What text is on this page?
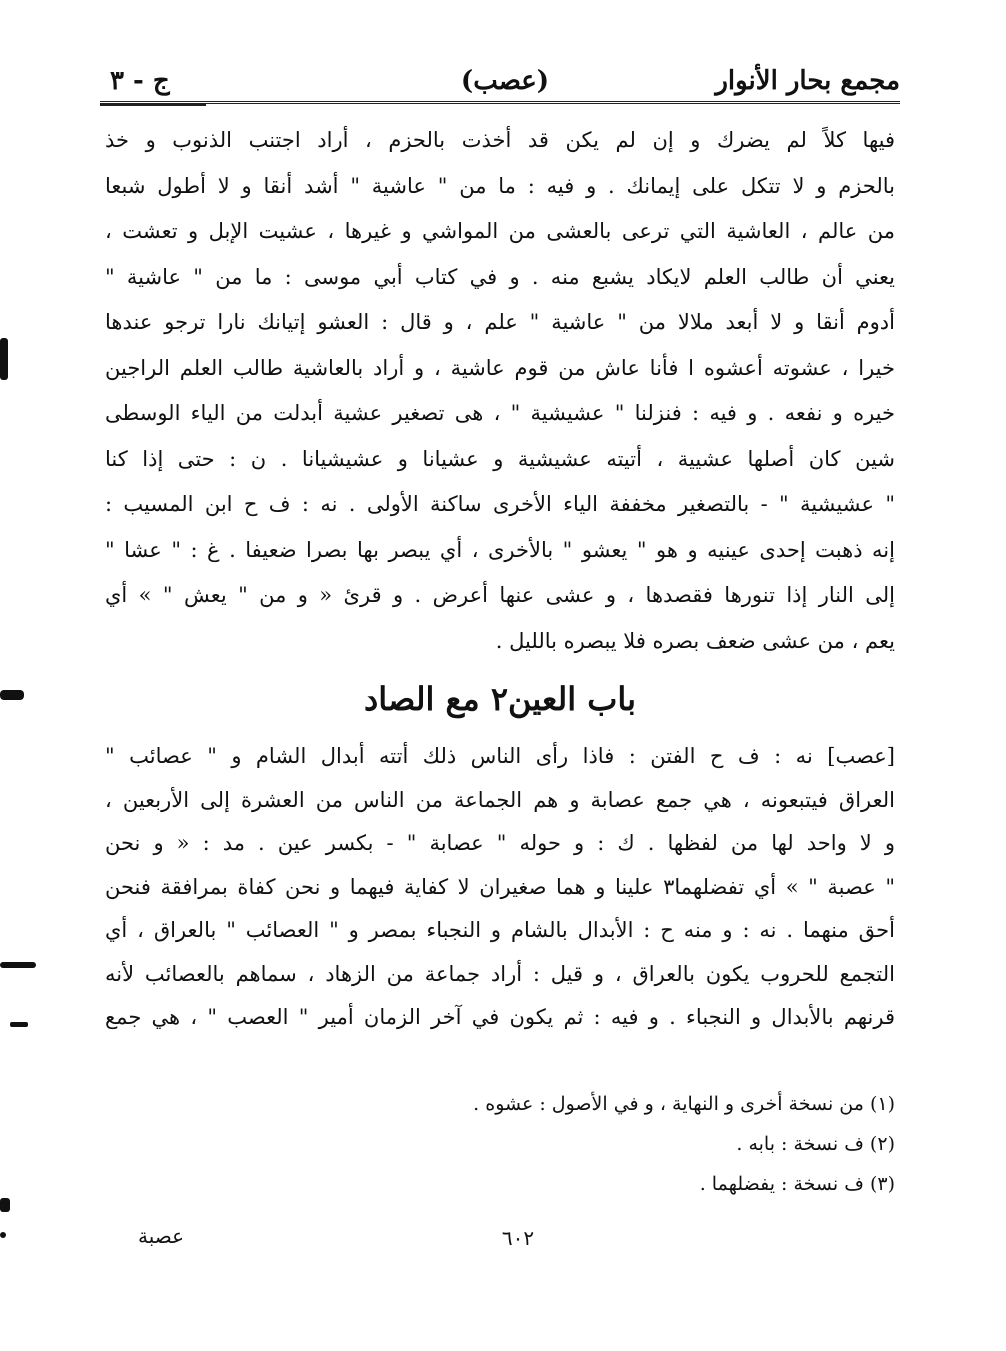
مجمع بحار الأنوار
(عصب)
ج - ٣
فيها كلاً لم يضرك و إن لم يكن قد أخذت بالحزم ، أراد اجتنب الذنوب و خذ
بالحزم و لا تتكل على إيمانك . و فيه : ما من " عاشية " أشد أنقا و لا أطول شبعا
من عالم ، العاشية التي ترعى بالعشى من المواشي و غيرها ، عشيت الإبل و تعشت ،
يعني أن طالب العلم لايكاد يشبع منه . و في كتاب أبي موسى : ما من " عاشية "
أدوم أنقا و لا أبعد ملالا من " عاشية " علم ، و قال : العشو إتيانك نارا ترجو عندها
خيرا ، عشوته أعشوه ا فأنا عاش من قوم عاشية ، و أراد بالعاشية طالب العلم الراجين
خيره و نفعه . و فيه : فنزلنا " عشيشية " ، هى تصغير عشية أبدلت من الياء الوسطى
شين كان أصلها عشيية ، أتيته عشيشية و عشيانا و عشيشيانا . ن : حتى إذا كنا
" عشيشية " - بالتصغير مخففة الياء الأخرى ساكنة الأولى . نه : ف ح ابن المسيب :
إنه ذهبت إحدى عينيه و هو " يعشو " بالأخرى ، أي يبصر بها بصرا ضعيفا . غ : " عشا "
إلى النار إذا تنورها فقصدها ، و عشى عنها أعرض . و قرئ « و من " يعش " » أي
يعم ، من عشى ضعف بصره فلا يبصره بالليل .
باب العين٢ مع الصاد
[عصب] نه : ف ح الفتن : فاذا رأى الناس ذلك أتته أبدال الشام و " عصائب "
العراق فيتبعونه ، هي جمع عصابة و هم الجماعة من الناس من العشرة إلى الأربعين ،
و لا واحد لها من لفظها . ك : و حوله " عصابة " - بكسر عين . مد : « و نحن
" عصبة " » أي تفضلهما٣ علينا و هما صغيران لا كفاية فيهما و نحن كفاة بمرافقة فنحن
أحق منهما . نه : و منه ح : الأبدال بالشام و النجباء بمصر و " العصائب " بالعراق ، أي
التجمع للحروب يكون بالعراق ، و قيل : أراد جماعة من الزهاد ، سماهم بالعصائب لأنه
قرنهم بالأبدال و النجباء . و فيه : ثم يكون في آخر الزمان أمير " العصب " ، هي جمع
(١) من نسخة أخرى و النهاية ، و في الأصول : عشوه .
(٢) ف نسخة : بابه .
(٣) ف نسخة : يفضلهما .
٦٠٢
عصبة
